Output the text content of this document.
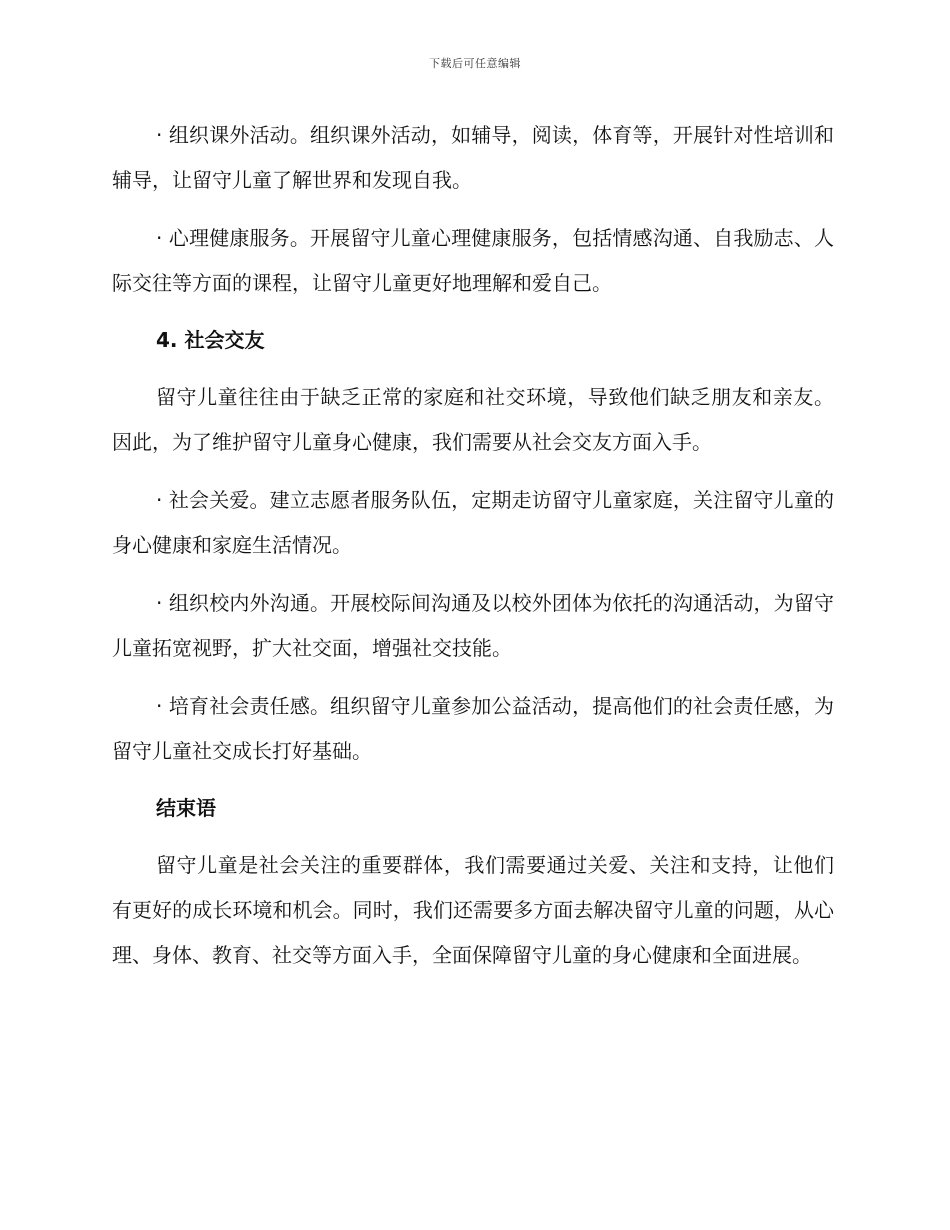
下载后可任意编辑

· 组织课外活动。组织课外活动，如辅导，阅读，体育等，开展针对性培训和辅导，让留守儿童了解世界和发现自我。

· 心理健康服务。开展留守儿童心理健康服务，包括情感沟通、自我励志、人际交往等方面的课程，让留守儿童更好地理解和爱自己。

4. 社会交友

留守儿童往往由于缺乏正常的家庭和社交环境，导致他们缺乏朋友和亲友。因此，为了维护留守儿童身心健康，我们需要从社会交友方面入手。

· 社会关爱。建立志愿者服务队伍，定期走访留守儿童家庭，关注留守儿童的身心健康和家庭生活情况。

· 组织校内外沟通。开展校际间沟通及以校外团体为依托的沟通活动，为留守儿童拓宽视野，扩大社交面，增强社交技能。

· 培育社会责任感。组织留守儿童参加公益活动，提高他们的社会责任感，为留守儿童社交成长打好基础。

结束语

留守儿童是社会关注的重要群体，我们需要通过关爱、关注和支持，让他们有更好的成长环境和机会。同时，我们还需要多方面去解决留守儿童的问题，从心理、身体、教育、社交等方面入手，全面保障留守儿童的身心健康和全面进展。
